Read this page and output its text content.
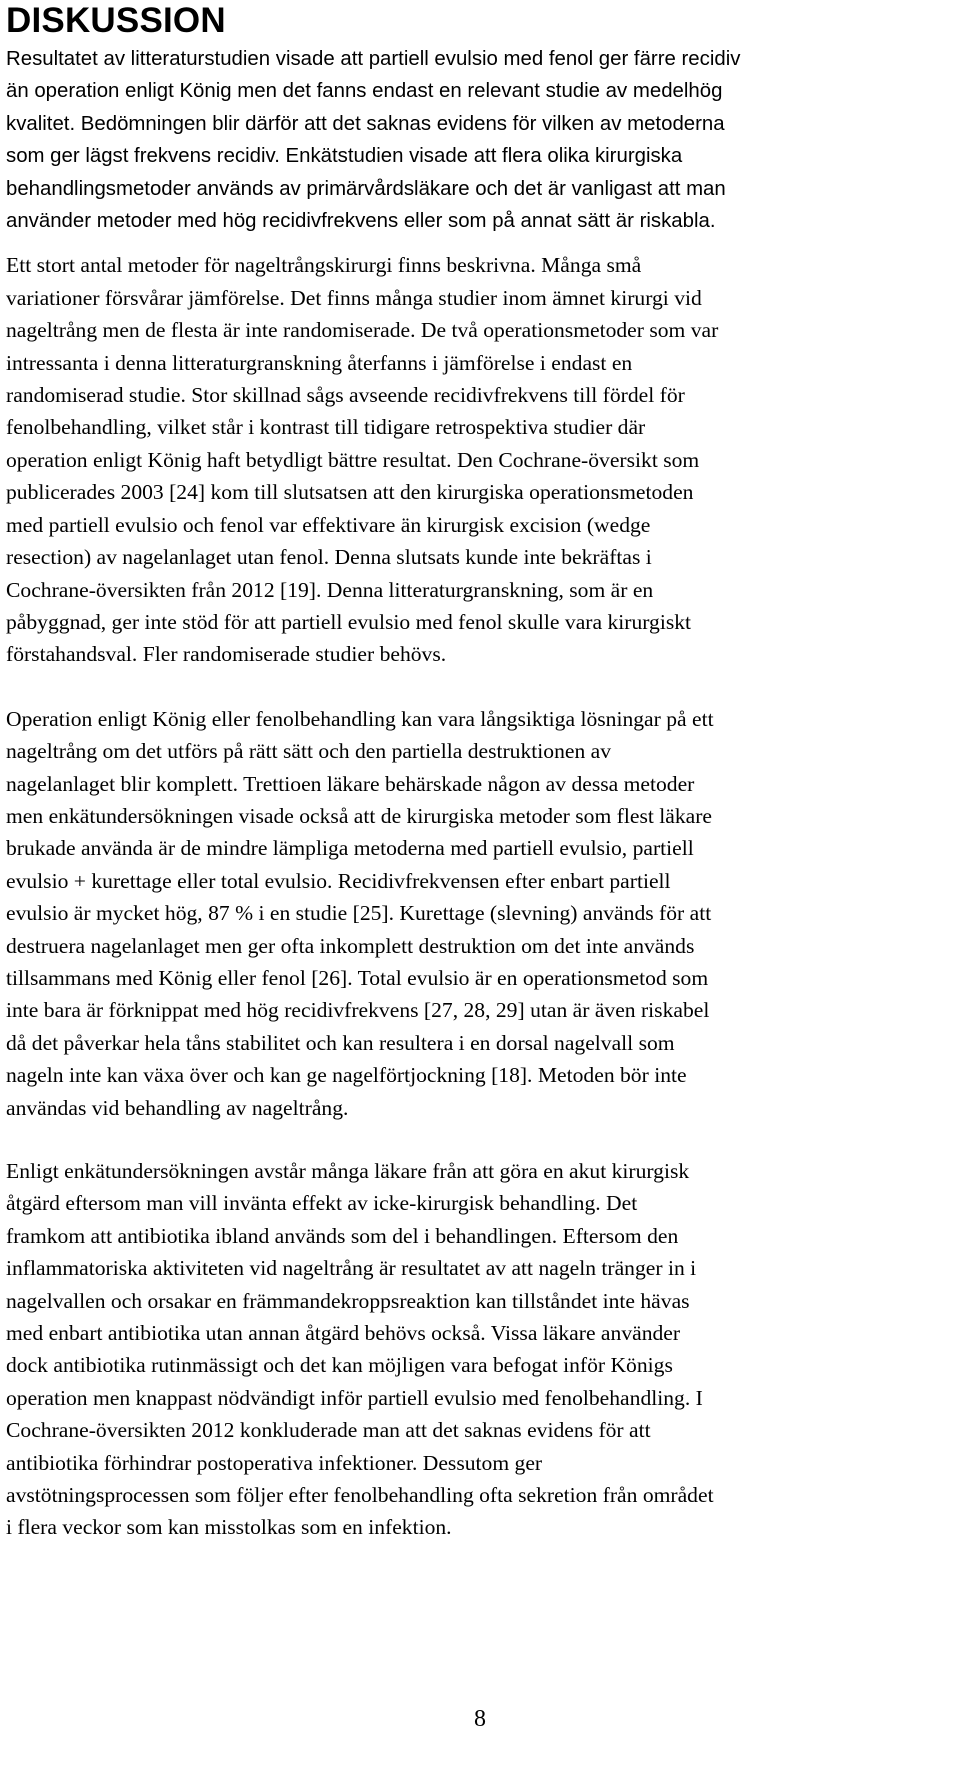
DISKUSSION

Resultatet av litteraturstudien visade att partiell evulsio med fenol ger färre recidiv
än operation enligt König men det fanns endast en relevant studie av medelhög
kvalitet. Bedömningen blir därför att det saknas evidens för vilken av metoderna
som ger lägst frekvens recidiv. Enkätstudien visade att flera olika kirurgiska
behandlingsmetoder används av primärvårdsläkare och det är vanligast att man
använder metoder med hög recidivfrekvens eller som på annat sätt är riskabla.

Ett stort antal metoder för nageltrångskirurgi finns beskrivna. Många små
variationer försvårar jämförelse. Det finns många studier inom ämnet kirurgi vid
nageltrång men de flesta är inte randomiserade. De två operationsmetoder som var
intressanta i denna litteraturgranskning återfanns i jämförelse i endast en
randomiserad studie. Stor skillnad sågs avseende recidivfrekvens till fördel för
fenolbehandling, vilket står i kontrast till tidigare retrospektiva studier där
operation enligt König haft betydligt bättre resultat. Den Cochrane-översikt som
publicerades 2003 [24] kom till slutsatsen att den kirurgiska operationsmetoden
med partiell evulsio och fenol var effektivare än kirurgisk excision (wedge
resection) av nagelanlaget utan fenol. Denna slutsats kunde inte bekräftas i
Cochrane-översikten från 2012 [19]. Denna litteraturgranskning, som är en
påbyggnad, ger inte stöd för att partiell evulsio med fenol skulle vara kirurgiskt
förstahandsval. Fler randomiserade studier behövs.

Operation enligt König eller fenolbehandling kan vara långsiktiga lösningar på ett
nageltrång om det utförs på rätt sätt och den partiella destruktionen av
nagelanlaget blir komplett. Trettioen läkare behärskade någon av dessa metoder
men enkätundersökningen visade också att de kirurgiska metoder som flest läkare
brukade använda är de mindre lämpliga metoderna med partiell evulsio, partiell
evulsio + kurettage eller total evulsio. Recidivfrekvensen efter enbart partiell
evulsio är mycket hög, 87 % i en studie [25]. Kurettage (slevning) används för att
destruera nagelanlaget men ger ofta inkomplett destruktion om det inte används
tillsammans med König eller fenol [26]. Total evulsio är en operationsmetod som
inte bara är förknippat med hög recidivfrekvens [27, 28, 29] utan är även riskabel
då det påverkar hela tåns stabilitet och kan resultera i en dorsal nagelvall som
nageln inte kan växa över och kan ge nagelförtjockning [18]. Metoden bör inte
användas vid behandling av nageltrång.

Enligt enkätundersökningen avstår många läkare från att göra en akut kirurgisk
åtgärd eftersom man vill invänta effekt av icke-kirurgisk behandling. Det
framkom att antibiotika ibland används som del i behandlingen. Eftersom den
inflammatoriska aktiviteten vid nageltrång är resultatet av att nageln tränger in i
nagelvallen och orsakar en främmandekroppsreaktion kan tillståndet inte hävas
med enbart antibiotika utan annan åtgärd behövs också. Vissa läkare använder
dock antibiotika rutinmässigt och det kan möjligen vara befogat inför Königs
operation men knappast nödvändigt inför partiell evulsio med fenolbehandling. I
Cochrane-översikten 2012 konkluderade man att det saknas evidens för att
antibiotika förhindrar postoperativa infektioner. Dessutom ger
avstötningsprocessen som följer efter fenolbehandling ofta sekretion från området
i flera veckor som kan misstolkas som en infektion.

8
